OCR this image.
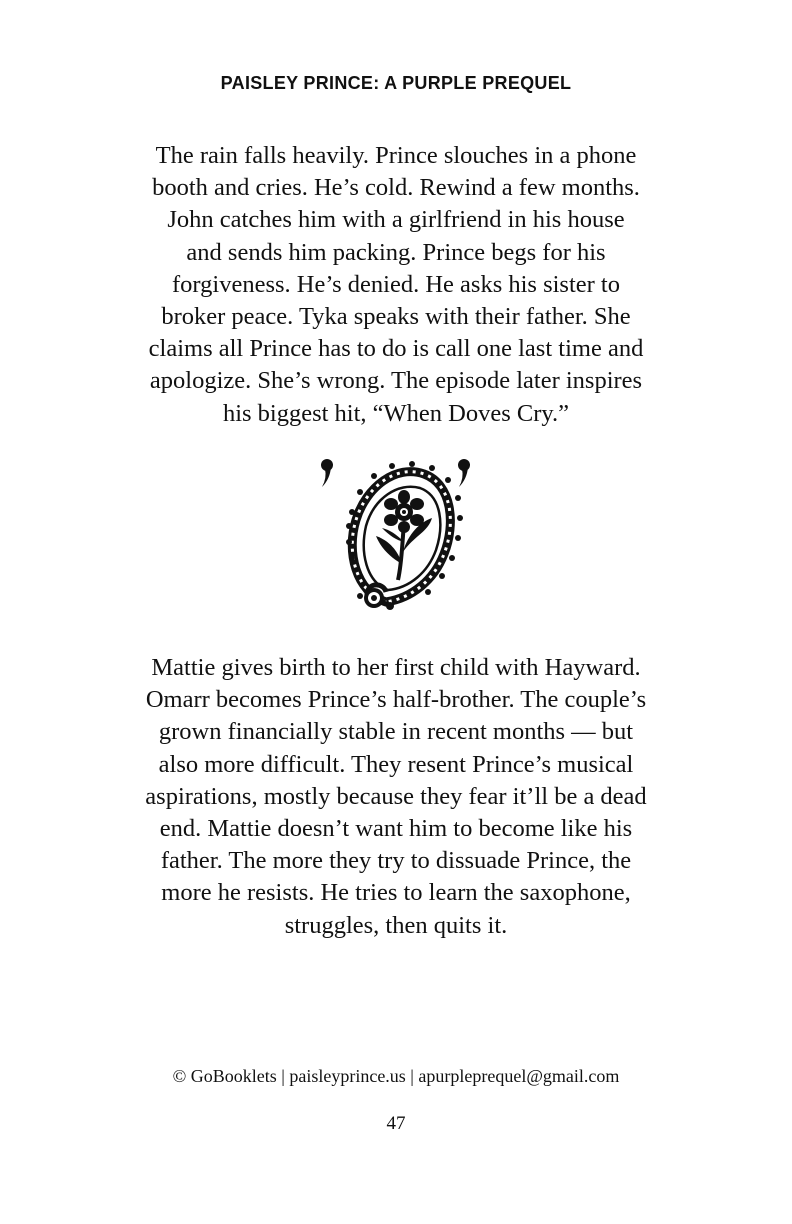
PAISLEY PRINCE: A PURPLE PREQUEL

The rain falls heavily. Prince slouches in a phone
booth and cries. He’s cold. Rewind a few months.
John catches him with a girlfriend in his house
and sends him packing. Prince begs for his
forgiveness. He’s denied. He asks his sister to
broker peace. Tyka speaks with their father. She
claims all Prince has to do is call one last time and
apologize. She’s wrong. The episode later inspires
his biggest hit, “When Doves Cry.”

Mattie gives birth to her first child with Hayward.
Omarr becomes Prince’s half-brother. The couple’s
grown financially stable in recent months — but
also more difficult. They resent Prince’s musical
aspirations, mostly because they fear it’ll be a dead
end. Mattie doesn’t want him to become like his
father. The more they try to dissuade Prince, the
more he resists. He tries to learn the saxophone,
struggles, then quits it.

© GoBooklets | paisleyprince.us | apurpleprequel@gmail.com
47
